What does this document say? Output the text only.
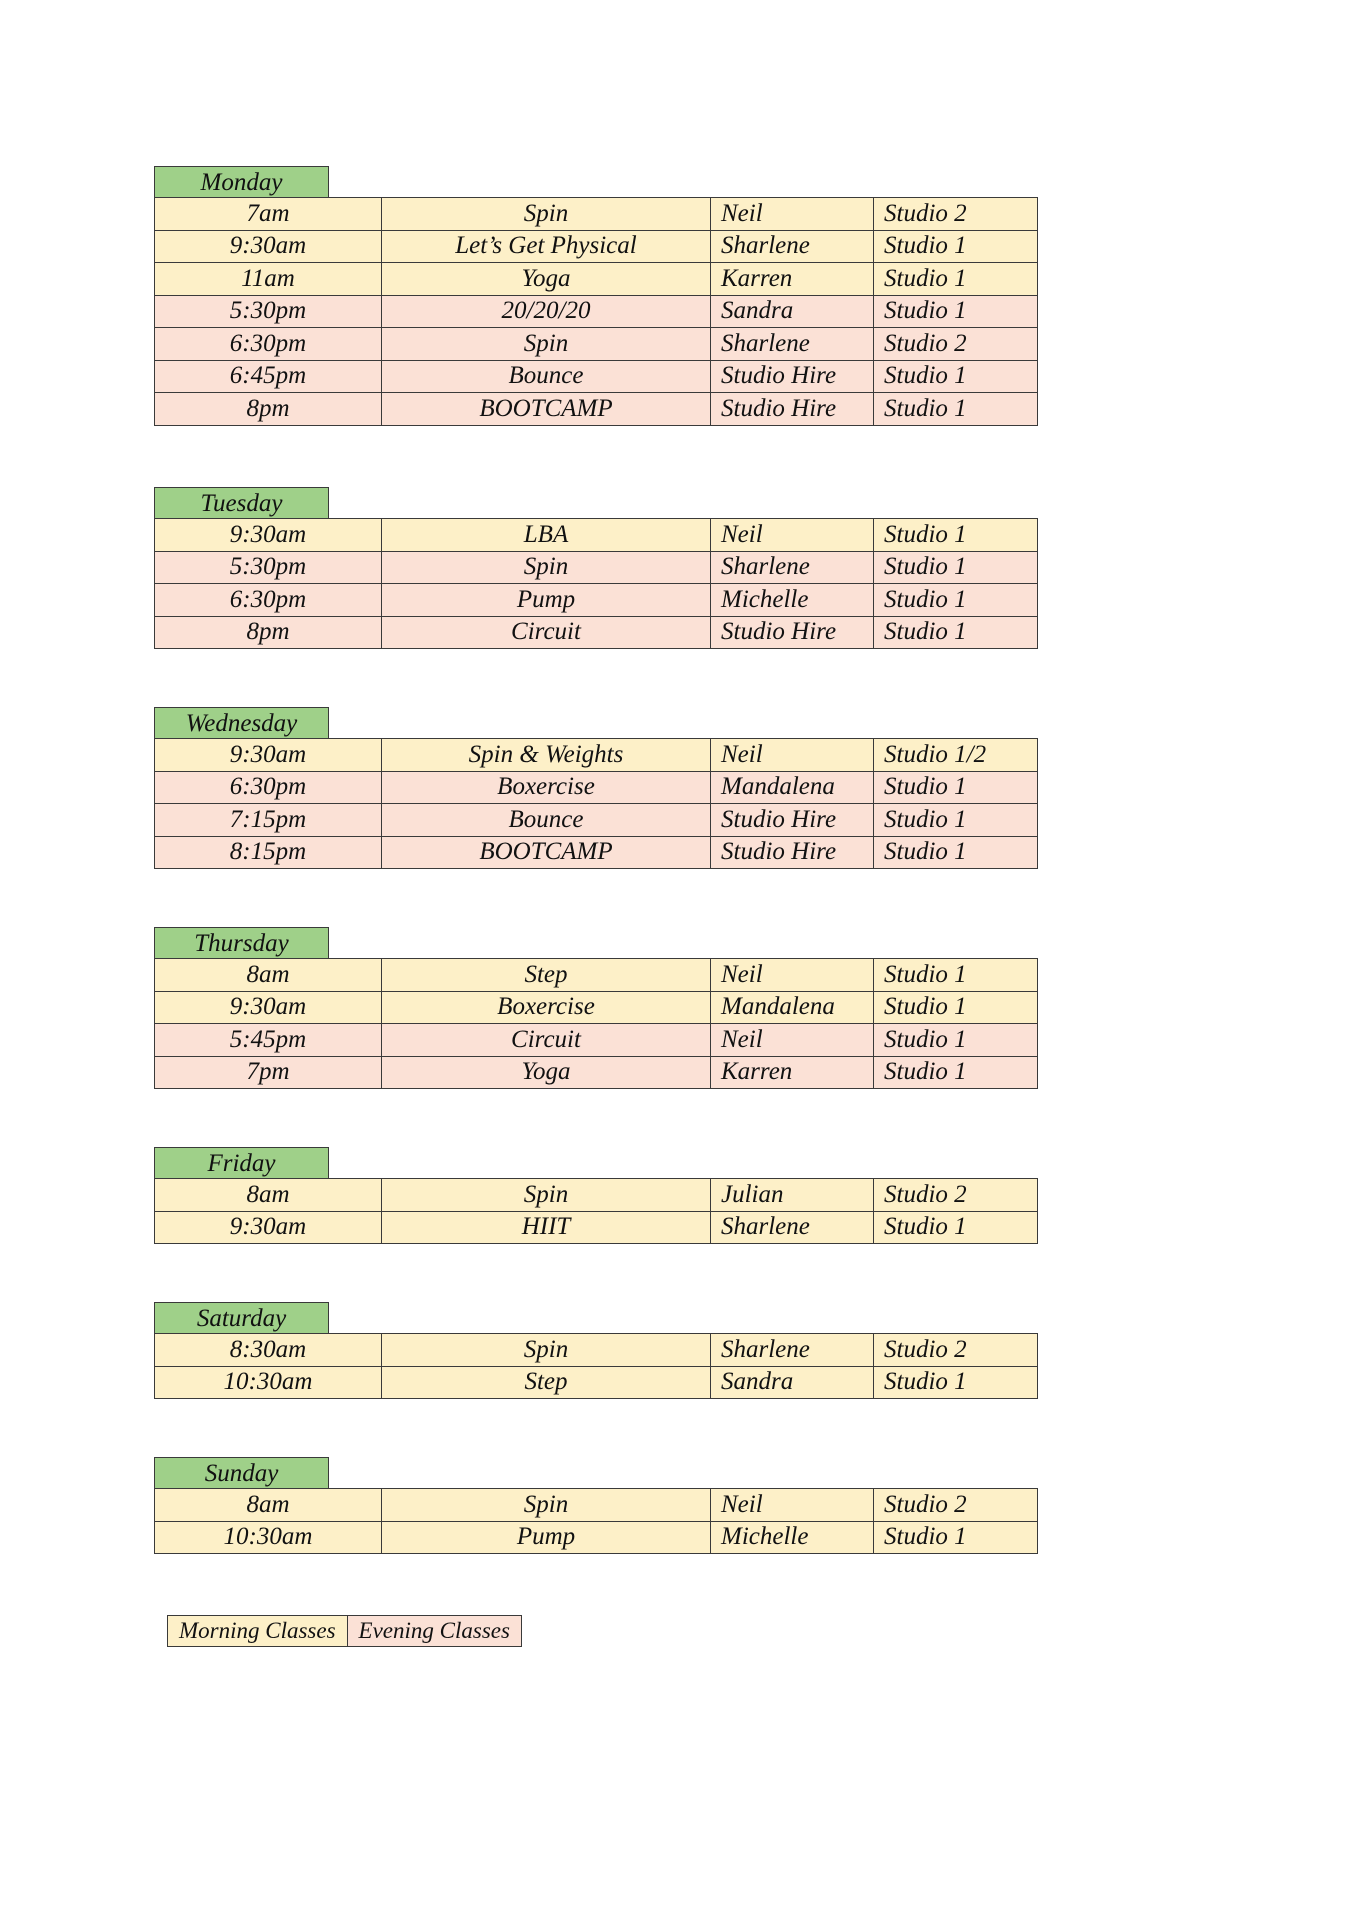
Monday
7am	Spin	Neil	Studio 2
9:30am	Let’s Get Physical	Sharlene	Studio 1
11am	Yoga	Karren	Studio 1
5:30pm	20/20/20	Sandra	Studio 1
6:30pm	Spin	Sharlene	Studio 2
6:45pm	Bounce	Studio Hire	Studio 1
8pm	BOOTCAMP	Studio Hire	Studio 1
Tuesday
9:30am	LBA	Neil	Studio 1
5:30pm	Spin	Sharlene	Studio 1
6:30pm	Pump	Michelle	Studio 1
8pm	Circuit	Studio Hire	Studio 1
Wednesday
9:30am	Spin & Weights	Neil	Studio 1/2
6:30pm	Boxercise	Mandalena	Studio 1
7:15pm	Bounce	Studio Hire	Studio 1
8:15pm	BOOTCAMP	Studio Hire	Studio 1
Thursday
8am	Step	Neil	Studio 1
9:30am	Boxercise	Mandalena	Studio 1
5:45pm	Circuit	Neil	Studio 1
7pm	Yoga	Karren	Studio 1
Friday
8am	Spin	Julian	Studio 2
9:30am	HIIT	Sharlene	Studio 1
Saturday
8:30am	Spin	Sharlene	Studio 2
10:30am	Step	Sandra	Studio 1
Sunday
8am	Spin	Neil	Studio 2
10:30am	Pump	Michelle	Studio 1
Morning Classes	Evening Classes
